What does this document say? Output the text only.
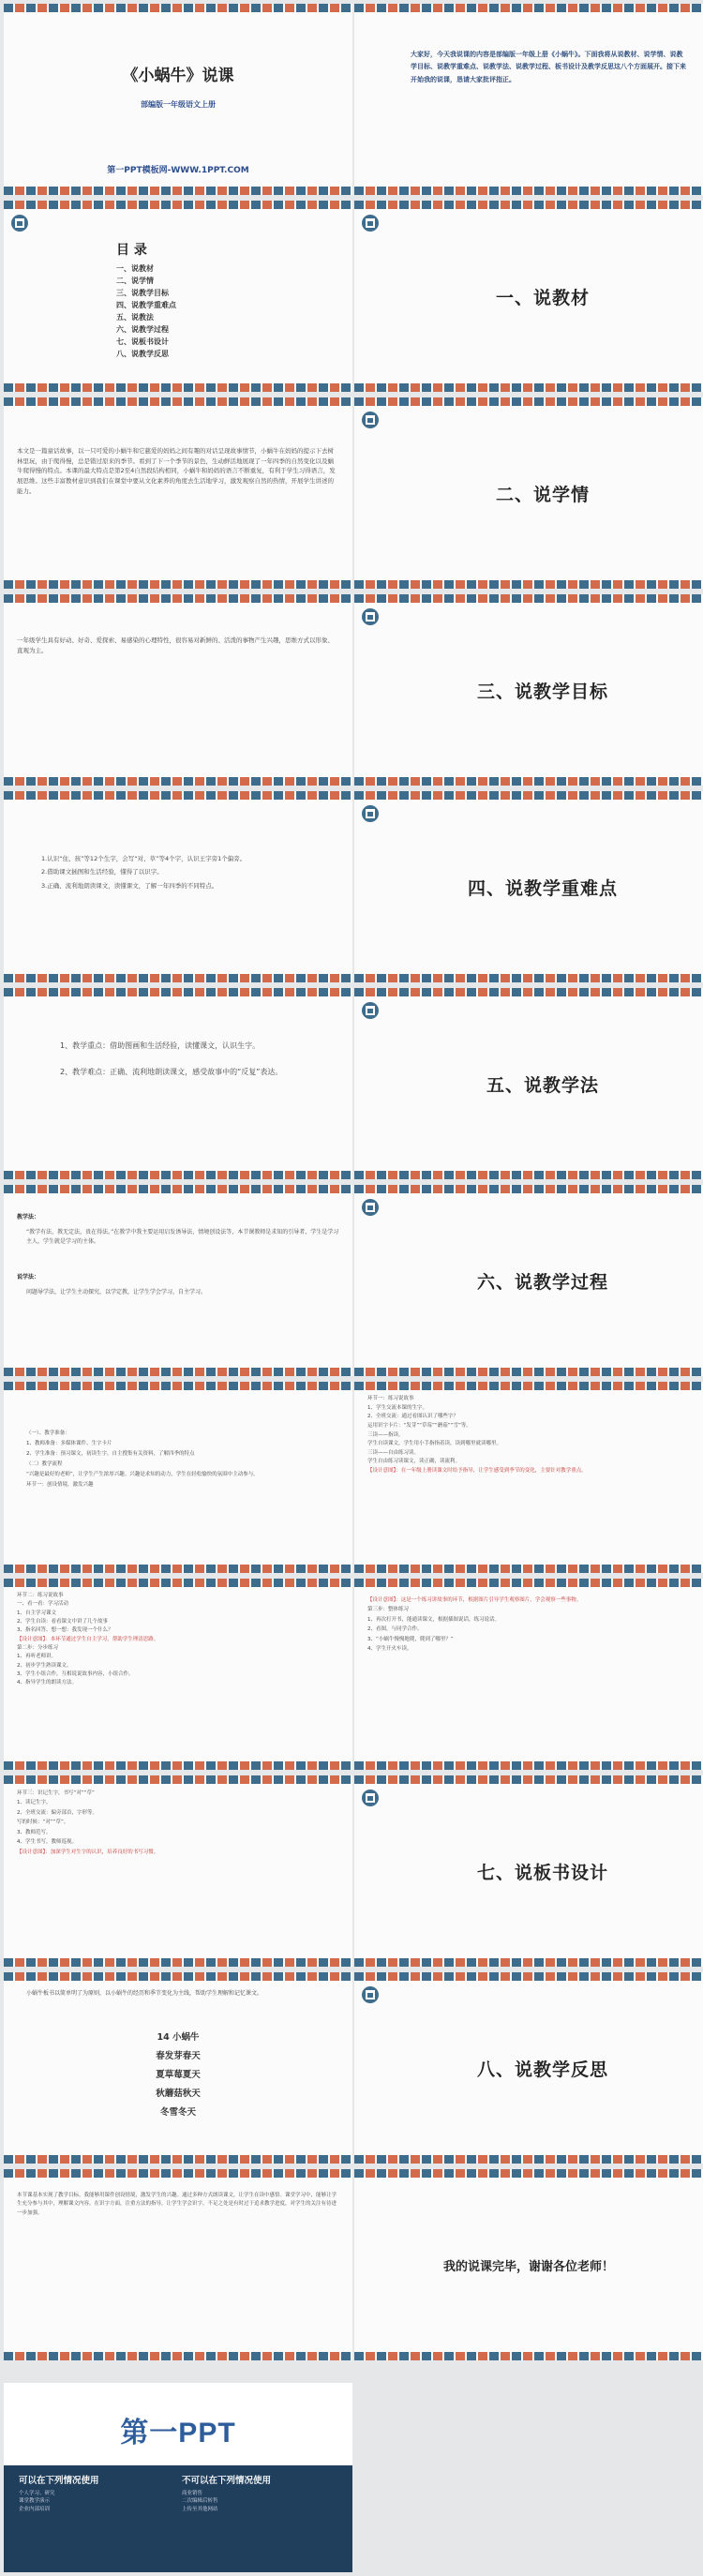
《小蜗牛》说课
部编版一年级语文上册
第一PPT模板网-WWW.1PPT.COM
大家好，今天我说课的内容是部编版一年级上册《小蜗牛》。下面我将从说教材、说学情、说教学目标、说教学重难点、说教学法、说教学过程、板书设计及教学反思这八个方面展开。接下来开始我的说课，恳请大家批评指正。
目 录
一、说教材
二、说学情
三、说教学目标
四、说教学重难点
五、说教法
六、说教学过程
七、说板书设计
八、说教学反思
一、说教材
本文是一篇童话故事，以一只可爱的小蜗牛和它慈爱的妈妈之间有趣的对话呈现故事情节，小蜗牛在妈妈的提示下去树林里玩，由于爬得慢，总是错过原来的季节。看到了下一个季节的景色，生动鲜活地展现了一年四季的自然变化以及蜗牛爬得慢的特点。本课的最大特点是第2至4自然段结构相同，小蜗牛和妈妈的语言不断重复，有利于学生习得语言，发展思维。这些丰富教材意识到我们在课堂中要从文化素养的角度去生活地学习，激发观察自然的热情，开展学生讲述的能力。	二、说学情
一年级学生具有好动、好奇、爱探索、易感染的心理特性，很容易对新鲜的、活泼的事物产生兴趣，思维方式以形象、直观为主。
三、说教学目标
1.认识“住、孩”等12个生字，会写“对、草”等4个字，认识王字旁1个偏旁。
2.借助课文插图和生活经验，懂得了以识字。
3.正确、流利地朗读课文，读懂课文，了解一年四季的不同特点。	四、说教学重难点
1、教学重点：借助图画和生活经验，读懂课文，认识生字。
2、教学难点：正确、流利地朗读课文，感受故事中的“反复”表达。
五、说教学法
教学法：
“教学有法，教无定法，贵在得法。”在教学中我主要运用启发诱导法，情境创设法等，本节课教师是求知的引导者，学生是学习主人，学生就是学习的主体。
说学法：
问题导学法，让学生主动探究，以学定教，让学生学会学习，自主学习。	六、说教学过程
（一）、教学准备：
1、教师准备：多媒体课件、生字卡片
2、学生准备：预习课文，初读生字，自主搜集有关资料，了解四季的特点
（二）教学流程
“兴趣是最好的老师”，让学生产生浓厚兴趣。兴趣是求知的动力，学生在轻松愉快的氛围中主动参与。
环节一：创设情境，激发兴趣
环节一：练习说故事
1、学生交流本课的生字。
2、全班交流：通过看图认识了哪些字？
运用识字卡片：“发芽”“草莓”“蘑菇”“雪”等。
三读——指读。
学生自读课文，学生用小手指指着读，读到哪里就读哪里。
三读——自由练习读。
学生自由练习读课文，读正确，读流利。
【设计意图】：在一年级上册读课文时给予指导，让学生感受到季节的变化，主要针对教学重点。
环节二：练习说故事
一、看一看：学习活动
1、自主学习课文
2、学生自读：看看课文中讲了几个故事
3、指名回答、想一想：我发现一个什么？
【设计意图】：本环节通过学生自主学习，帮助学生理清思路。
第二步：分步练习
1、再听老师讲。
2、初步学生熟读课文。
3、学生小组合作，互相说说故事内容，小组合作。
4、指导学生的朗读方法。
【设计意图】：这是一个练习讲故事的环节，根据图片引导学生观察图片，学会观察一些事物。
第三步：整体练习
1、再次打开书，能通读课文，根据插图说话，练习说话。
2、看图，与同学合作。
3、“小蜗牛慢慢地爬，爬到了哪里？”
4、学生开火车读。
环节三：识记生字，书写“对”“草”
1、读记生字。
2、全班交流：偏旁部首，字形等。
写的时候：“对”“草”。
3、教师范写。
4、学生书写，教师巡视。
【设计意图】：加深学生对生字的认识，培养良好的书写习惯。
七、说板书设计
小蜗牛板书以简单明了为原则，以小蜗牛的经历和季节变化为主线，帮助学生理解和记忆课文。
14 小蜗牛
春发芽春天
夏草莓夏天
秋蘑菇秋天
冬雪冬天
八、说教学反思
本节课基本实现了教学目标。我能够用课件创设情境，激发学生的兴趣。通过多种方式朗读课文，让学生在读中感悟。课堂学习中，能够让学生充分参与其中，理解课文内容。在识字方面，注重方法的指导，让学生学会识字。不足之处是有时过于追求教学进度，对学生的关注有待进一步加强。
我的说课完毕，谢谢各位老师！
第一PPT
可以在下列情况使用	不可以在下列情况使用
个人学习、研究
课堂教学演示
企业内部培训
商业销售
二次编辑后转售
上传至其他网站
